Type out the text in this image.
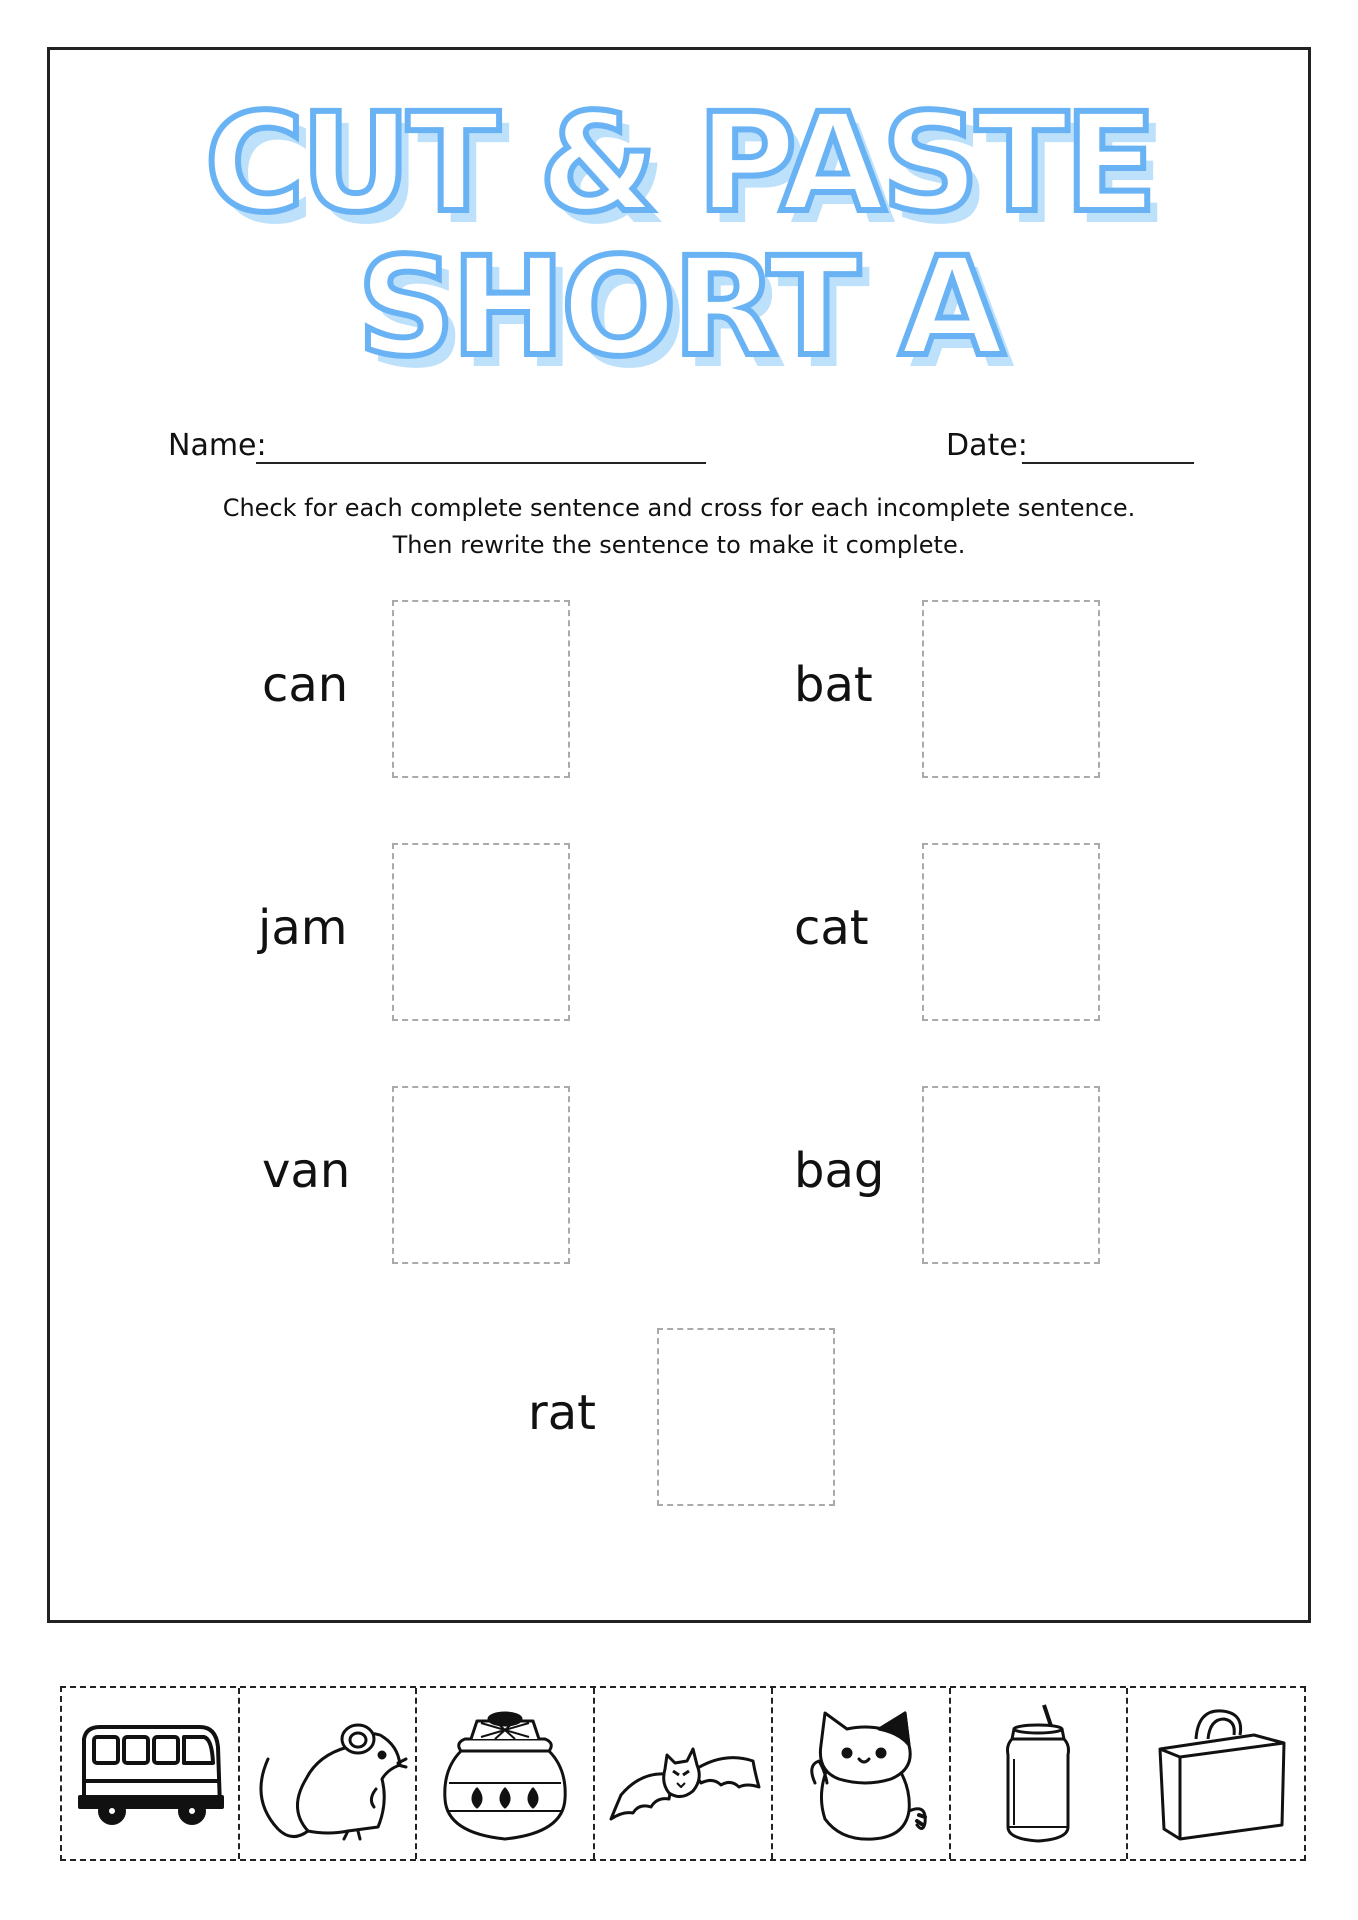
CUT & PASTE
SHORT A
Name:	Date:
Check for each complete sentence and cross for each incomplete sentence.
Then rewrite the sentence to make it complete.
can	bat
jam	cat
van	bag
rat
